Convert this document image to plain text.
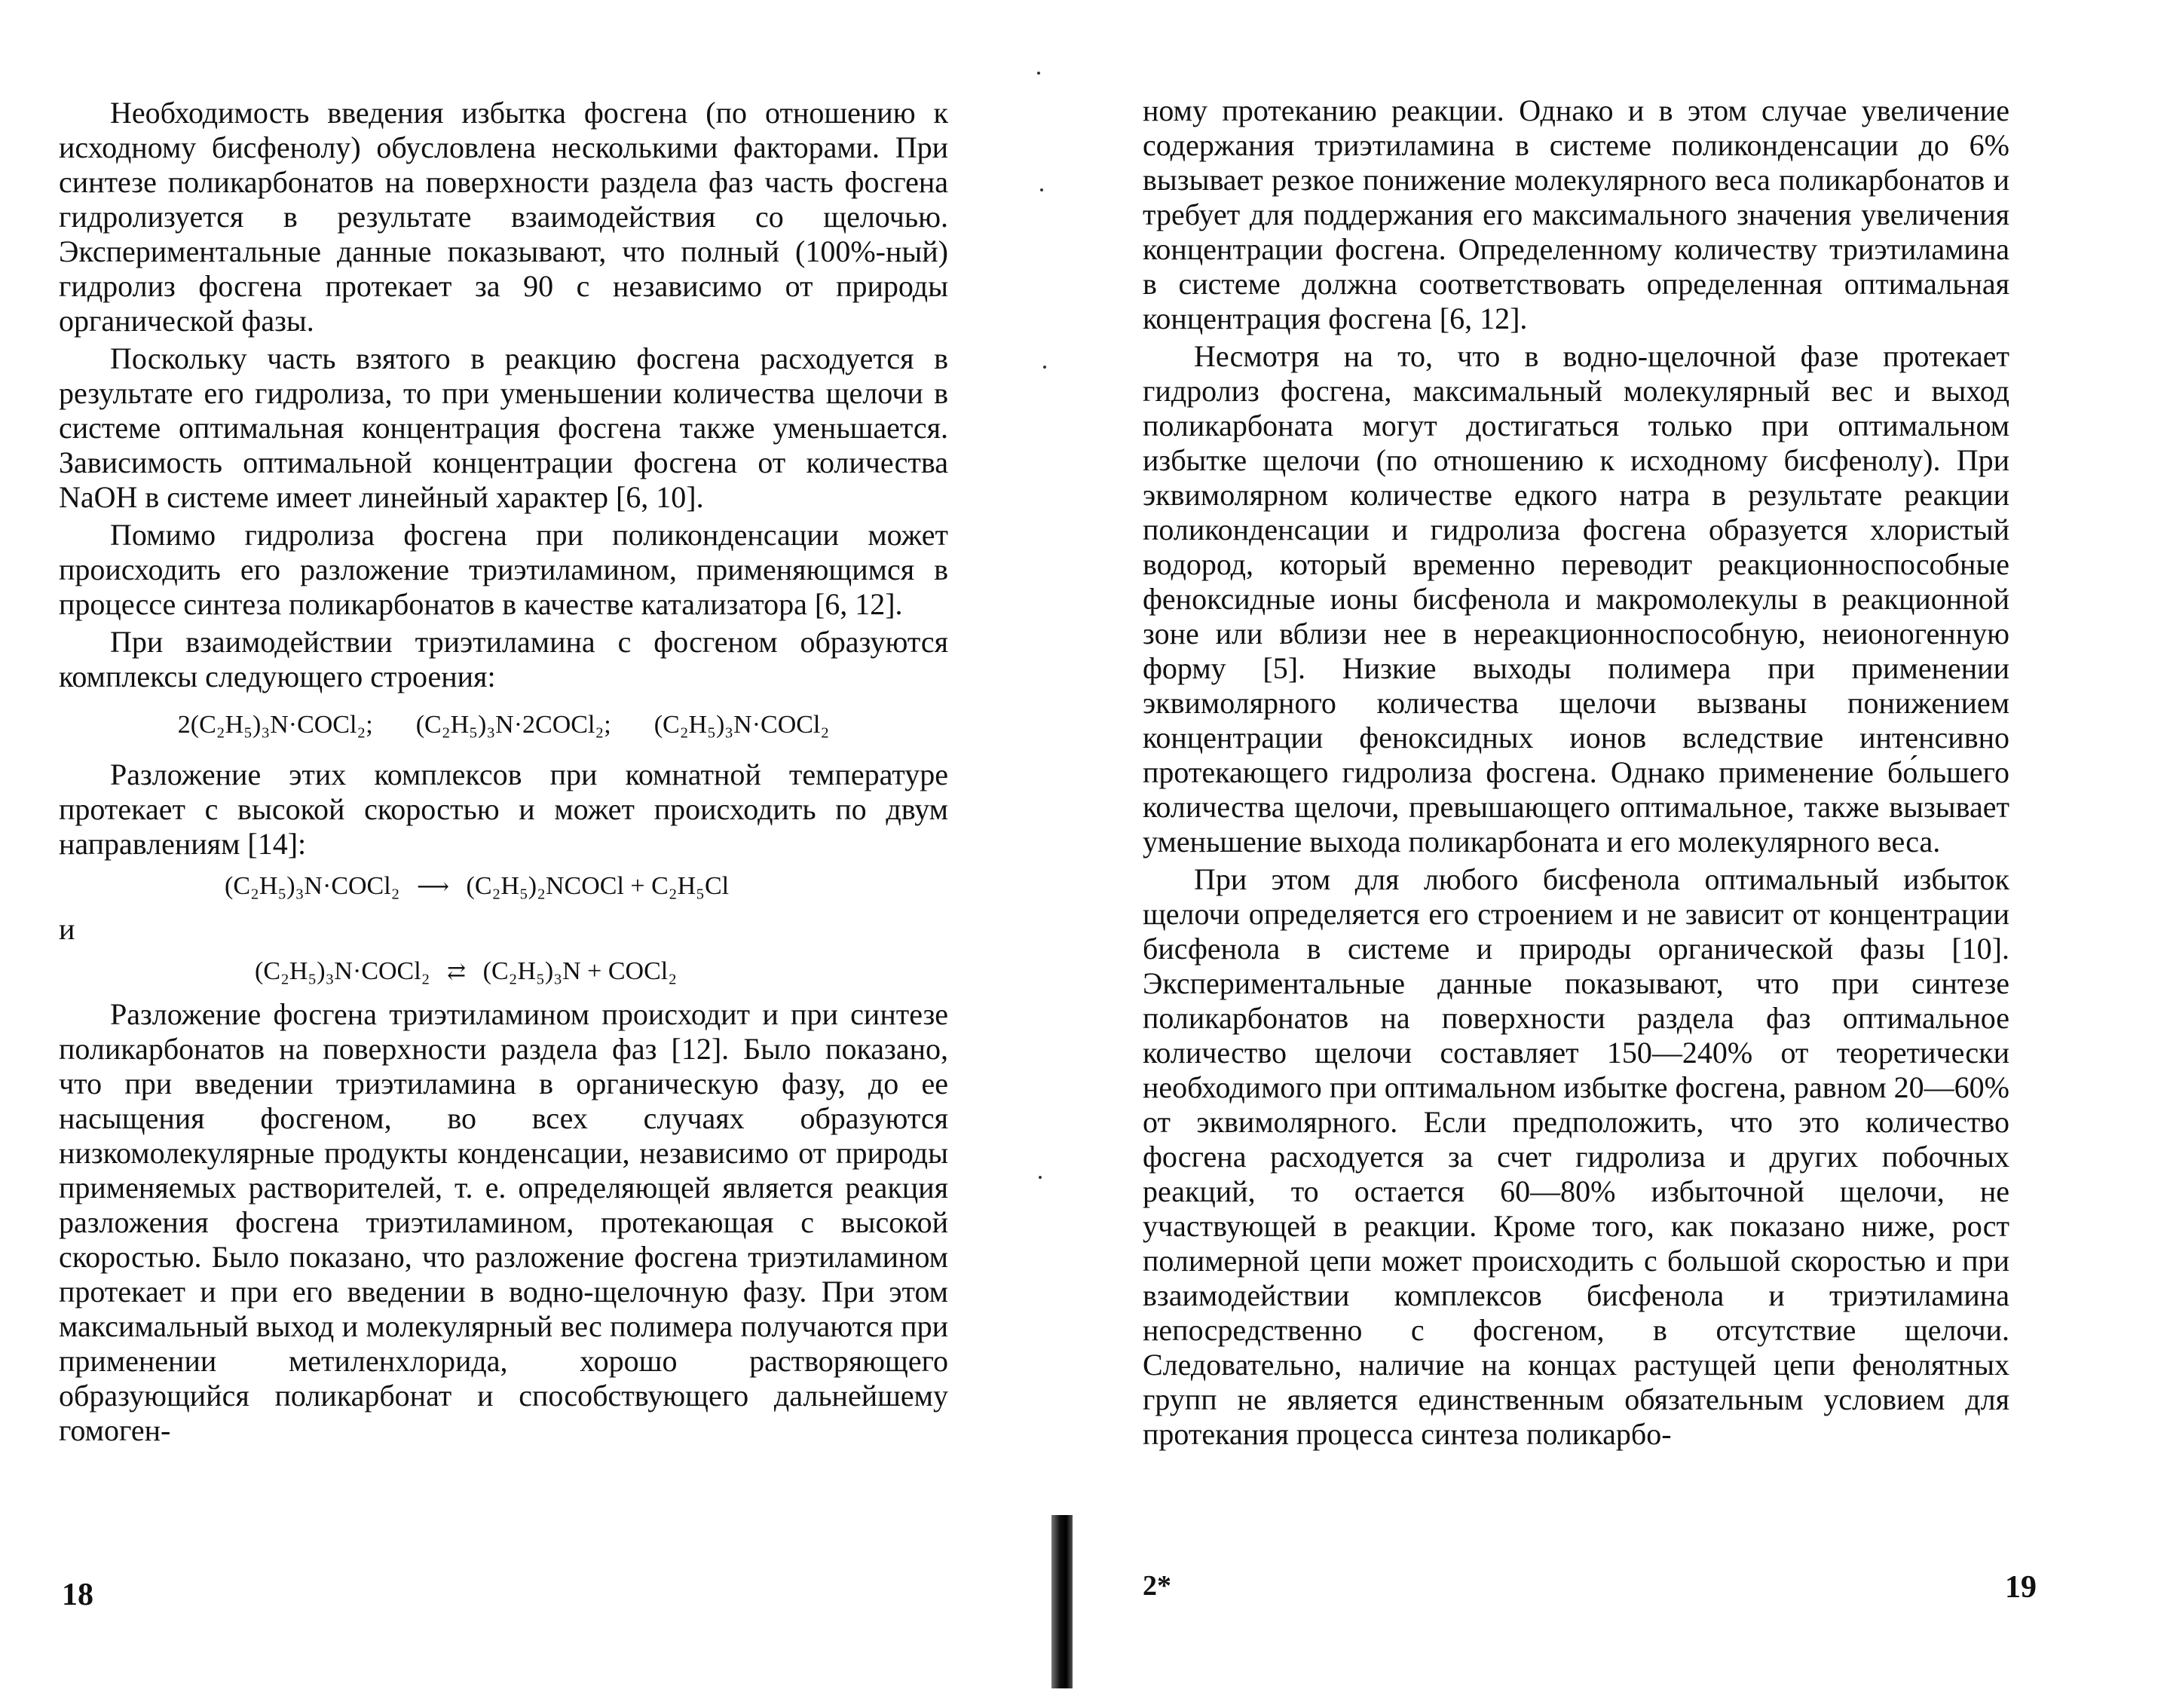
Необходимость введения избытка фосгена (по отношению к исходному бисфенолу) обусловлена несколькими факторами. При синтезе поликарбонатов на поверхности раздела фаз часть фосгена гидролизуется в результате взаимодействия со щелочью. Экспериментальные данные показывают, что полный (100%-ный) гидролиз фосгена протекает за 90 с независимо от природы органической фазы.

Поскольку часть взятого в реакцию фосгена расходуется в результате его гидролиза, то при уменьшении количества щелочи в системе оптимальная концентрация фосгена также уменьшается. Зависимость оптимальной концентрации фосгена от количества NaOH в системе имеет линейный характер [6, 10].

Помимо гидролиза фосгена при поликонденсации может происходить его разложение триэтиламином, применяющимся в процессе синтеза поликарбонатов в качестве катализатора [6, 12].

При взаимодействии триэтиламина с фосгеном образуются комплексы следующего строения:

2(C₂H₅)₃N·COCl₂; (C₂H₅)₃N·2COCl₂; (C₂H₅)₃N·COCl₂

Разложение этих комплексов при комнатной температуре протекает с высокой скоростью и может происходить по двум направлениям [14]:

(C₂H₅)₃N·COCl₂ ⟶ (C₂H₅)₂NCOCl + C₂H₅Cl

и

(C₂H₅)₃N·COCl₂ ⇄ (C₂H₅)₃N + COCl₂

Разложение фосгена триэтиламином происходит и при синтезе поликарбонатов на поверхности раздела фаз [12]. Было показано, что при введении триэтиламина в органическую фазу, до ее насыщения фосгеном, во всех случаях образуются низкомолекулярные продукты конденсации, независимо от природы применяемых растворителей, т. е. определяющей является реакция разложения фосгена триэтиламином, протекающая с высокой скоростью. Было показано, что разложение фосгена триэтиламином протекает и при его введении в водно-щелочную фазу. При этом максимальный выход и молекулярный вес полимера получаются при применении метиленхлорида, хорошо растворяющего образующийся поликарбонат и способствующего дальнейшему гомоген-

18

ному протеканию реакции. Однако и в этом случае увеличение содержания триэтиламина в системе поликонденсации до 6% вызывает резкое понижение молекулярного веса поликарбонатов и требует для поддержания его максимального значения увеличения концентрации фосгена. Определенному количеству триэтиламина в системе должна соответствовать определенная оптимальная концентрация фосгена [6, 12].

Несмотря на то, что в водно-щелочной фазе протекает гидролиз фосгена, максимальный молекулярный вес и выход поликарбоната могут достигаться только при оптимальном избытке щелочи (по отношению к исходному бисфенолу). При эквимолярном количестве едкого натра в результате реакции поликонденсации и гидролиза фосгена образуется хлористый водород, который временно переводит реакционноспособные феноксидные ионы бисфенола и макромолекулы в реакционной зоне или вблизи нее в нереакционноспособную, неионогенную форму [5]. Низкие выходы полимера при применении эквимолярного количества щелочи вызваны понижением концентрации феноксидных ионов вследствие интенсивно протекающего гидролиза фосгена. Однако применение бо́льшего количества щелочи, превышающего оптимальное, также вызывает уменьшение выхода поликарбоната и его молекулярного веса.

При этом для любого бисфенола оптимальный избыток щелочи определяется его строением и не зависит от концентрации бисфенола в системе и природы органической фазы [10]. Экспериментальные данные показывают, что при синтезе поликарбонатов на поверхности раздела фаз оптимальное количество щелочи составляет 150—240% от теоретически необходимого при оптимальном избытке фосгена, равном 20—60% от эквимолярного. Если предположить, что это количество фосгена расходуется за счет гидролиза и других побочных реакций, то остается 60—80% избыточной щелочи, не участвующей в реакции. Кроме того, как показано ниже, рост полимерной цепи может происходить с большой скоростью и при взаимодействии комплексов бисфенола и триэтиламина непосредственно с фосгеном, в отсутствие щелочи. Следовательно, наличие на концах растущей цепи фенолятных групп не является единственным обязательным условием для протекания процесса синтеза поликарбо-

2*	19
